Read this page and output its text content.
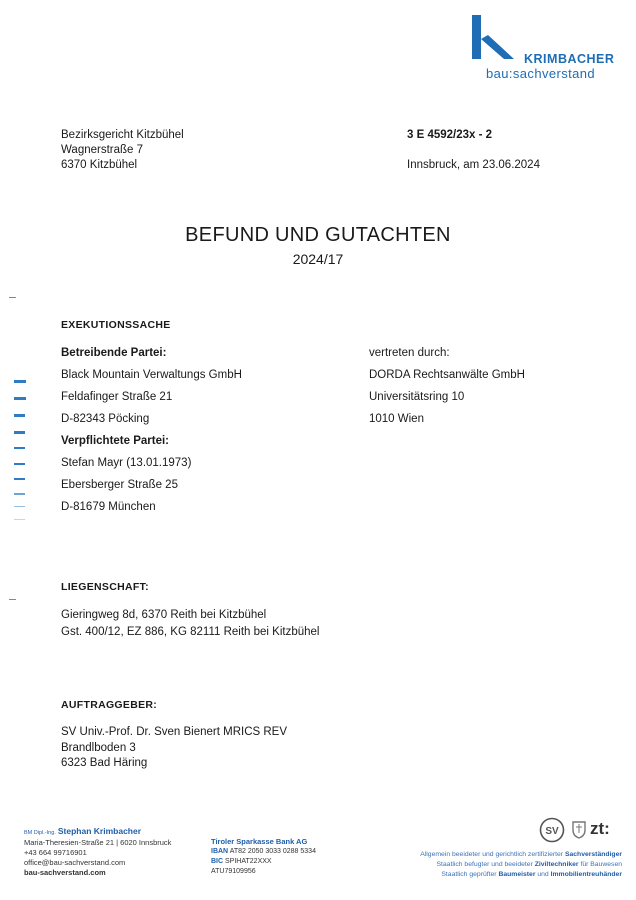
KRIMBACHER
bau:sachverstand
Bezirksgericht Kitzbühel
Wagnerstraße 7
6370 Kitzbühel
3 E 4592/23x - 2
Innsbruck, am 23.06.2024
BEFUND UND GUTACHTEN
2024/17
EXEKUTIONSSACHE
Betreibende Partei:
Black Mountain Verwaltungs GmbH
Feldafinger Straße 21
D-82343 Pöcking
vertreten durch:
DORDA Rechtsanwälte GmbH
Universitätsring 10
1010 Wien
Verpflichtete Partei:
Stefan Mayr (13.01.1973)
Ebersberger Straße 25
D-81679 München
LIEGENSCHAFT:
Gieringweg 8d, 6370 Reith bei Kitzbühel
Gst. 400/12, EZ 886, KG 82111 Reith bei Kitzbühel
AUFTRAGGEBER:
SV Univ.-Prof. Dr. Sven Bienert MRICS REV
Brandlboden 3
6323 Bad Häring
BM Dipl.-Ing. Stephan Krimbacher
Maria-Theresien-Straße 21 | 6020 Innsbruck
+43 664 99716901
office@bau-sachverstand.com
bau-sachverstand.com
Tiroler Sparkasse Bank AG
IBAN AT82 2050 3033 0288 5334
BIC SPIHAT22XXX
ATU79109956
SV zt:
Allgemein beeideter und gerichtlich zertifizierter Sachverständiger
Staatlich befugter und beeideter Ziviltechniker für Bauwesen
Staatlich geprüfter Baumeister und Immobilientreuhänder
